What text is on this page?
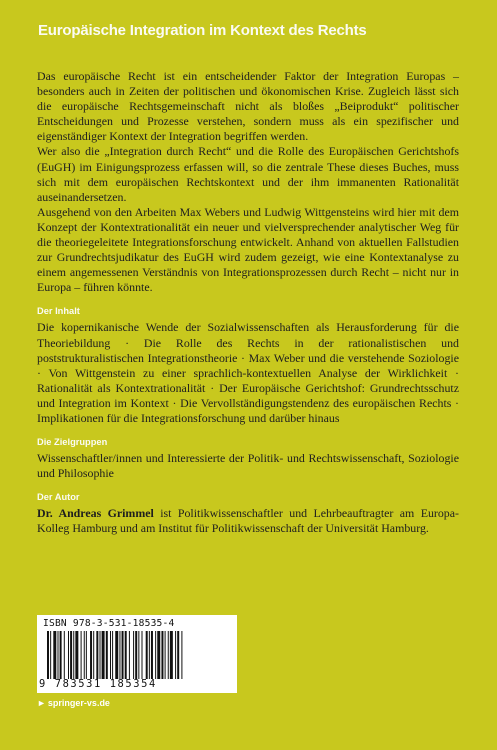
Europäische Integration im Kontext des Rechts

Das europäische Recht ist ein entscheidender Faktor der Integration Europas – besonders auch in Zeiten der politischen und ökonomischen Krise. Zugleich lässt sich die europäische Rechtsgemeinschaft nicht als bloßes „Beiprodukt“ politischer Entscheidungen und Prozesse verstehen, sondern muss als ein spezifischer und eigenständiger Kontext der Integration begriffen werden.

Wer also die „Integration durch Recht“ und die Rolle des Europäischen Gerichtshofs (EuGH) im Einigungsprozess erfassen will, so die zentrale These dieses Buches, muss sich mit dem europäischen Rechtskontext und der ihm immanenten Rationalität auseinandersetzen.

Ausgehend von den Arbeiten Max Webers und Ludwig Wittgensteins wird hier mit dem Konzept der Kontextrationalität ein neuer und vielversprechender analytischer Weg für die theoriegeleitete Integrationsforschung entwickelt. Anhand von aktuellen Fallstudien zur Grundrechtsjudikatur des EuGH wird zudem gezeigt, wie eine Kontextanalyse zu einem angemessenen Verständnis von Integrationsprozessen durch Recht – nicht nur in Europa – führen könnte.

Der Inhalt

Die kopernikanische Wende der Sozialwissenschaften als Herausforderung für die Theoriebildung · Die Rolle des Rechts in der rationalistischen und poststrukturalistischen Integrationstheorie · Max Weber und die verstehende Soziologie · Von Wittgenstein zu einer sprachlich-kontextuellen Analyse der Wirklichkeit · Rationalität als Kontextrationalität · Der Europäische Gerichtshof: Grundrechtsschutz und Integration im Kontext · Die Vervollständigungstendenz des europäischen Rechts · Implikationen für die Integrationsforschung und darüber hinaus

Die Zielgruppen

Wissenschaftler/innen und Interessierte der Politik- und Rechtswissenschaft, Soziologie und Philosophie

Der Autor

Dr. Andreas Grimmel ist Politikwissenschaftler und Lehrbeauftragter am Europa-Kolleg Hamburg und am Institut für Politikwissenschaft der Universität Hamburg.

ISBN 978-3-531-18535-4
9 783531 185354
► springer-vs.de
